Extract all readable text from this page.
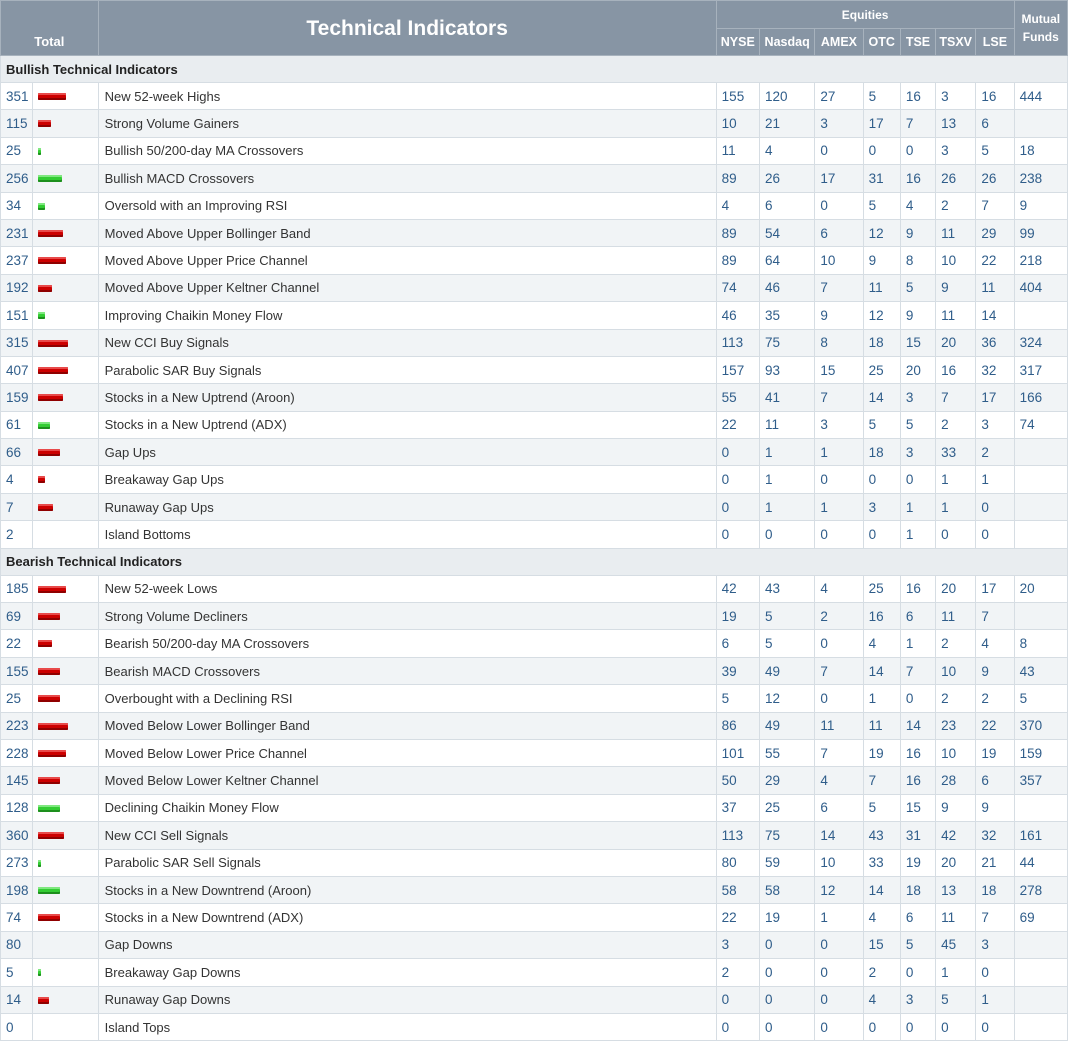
Total		Technical Indicators	Equities							Mutual
Funds
			NYSE	Nasdaq	AMEX	OTC	TSE	TSXV	LSE	
Bullish Technical Indicators										
351		New 52-week Highs	155	120	27	5	16	3	16	444
115		Strong Volume Gainers	10	21	3	17	7	13	6	
25		Bullish 50/200-day MA Crossovers	11	4	0	0	0	3	5	18
256		Bullish MACD Crossovers	89	26	17	31	16	26	26	238
34		Oversold with an Improving RSI	4	6	0	5	4	2	7	9
231		Moved Above Upper Bollinger Band	89	54	6	12	9	11	29	99
237		Moved Above Upper Price Channel	89	64	10	9	8	10	22	218
192		Moved Above Upper Keltner Channel	74	46	7	11	5	9	11	404
151		Improving Chaikin Money Flow	46	35	9	12	9	11	14	
315		New CCI Buy Signals	113	75	8	18	15	20	36	324
407		Parabolic SAR Buy Signals	157	93	15	25	20	16	32	317
159		Stocks in a New Uptrend (Aroon)	55	41	7	14	3	7	17	166
61		Stocks in a New Uptrend (ADX)	22	11	3	5	5	2	3	74
66		Gap Ups	0	1	1	18	3	33	2	
4		Breakaway Gap Ups	0	1	0	0	0	1	1	
7		Runaway Gap Ups	0	1	1	3	1	1	0	
2		Island Bottoms	0	0	0	0	1	0	0	
Bearish Technical Indicators										
185		New 52-week Lows	42	43	4	25	16	20	17	20
69		Strong Volume Decliners	19	5	2	16	6	11	7	
22		Bearish 50/200-day MA Crossovers	6	5	0	4	1	2	4	8
155		Bearish MACD Crossovers	39	49	7	14	7	10	9	43
25		Overbought with a Declining RSI	5	12	0	1	0	2	2	5
223		Moved Below Lower Bollinger Band	86	49	11	11	14	23	22	370
228		Moved Below Lower Price Channel	101	55	7	19	16	10	19	159
145		Moved Below Lower Keltner Channel	50	29	4	7	16	28	6	357
128		Declining Chaikin Money Flow	37	25	6	5	15	9	9	
360		New CCI Sell Signals	113	75	14	43	31	42	32	161
273		Parabolic SAR Sell Signals	80	59	10	33	19	20	21	44
198		Stocks in a New Downtrend (Aroon)	58	58	12	14	18	13	18	278
74		Stocks in a New Downtrend (ADX)	22	19	1	4	6	11	7	69
80		Gap Downs	3	0	0	15	5	45	3	
5		Breakaway Gap Downs	2	0	0	2	0	1	0	
14		Runaway Gap Downs	0	0	0	4	3	5	1	
0		Island Tops	0	0	0	0	0	0	0	
